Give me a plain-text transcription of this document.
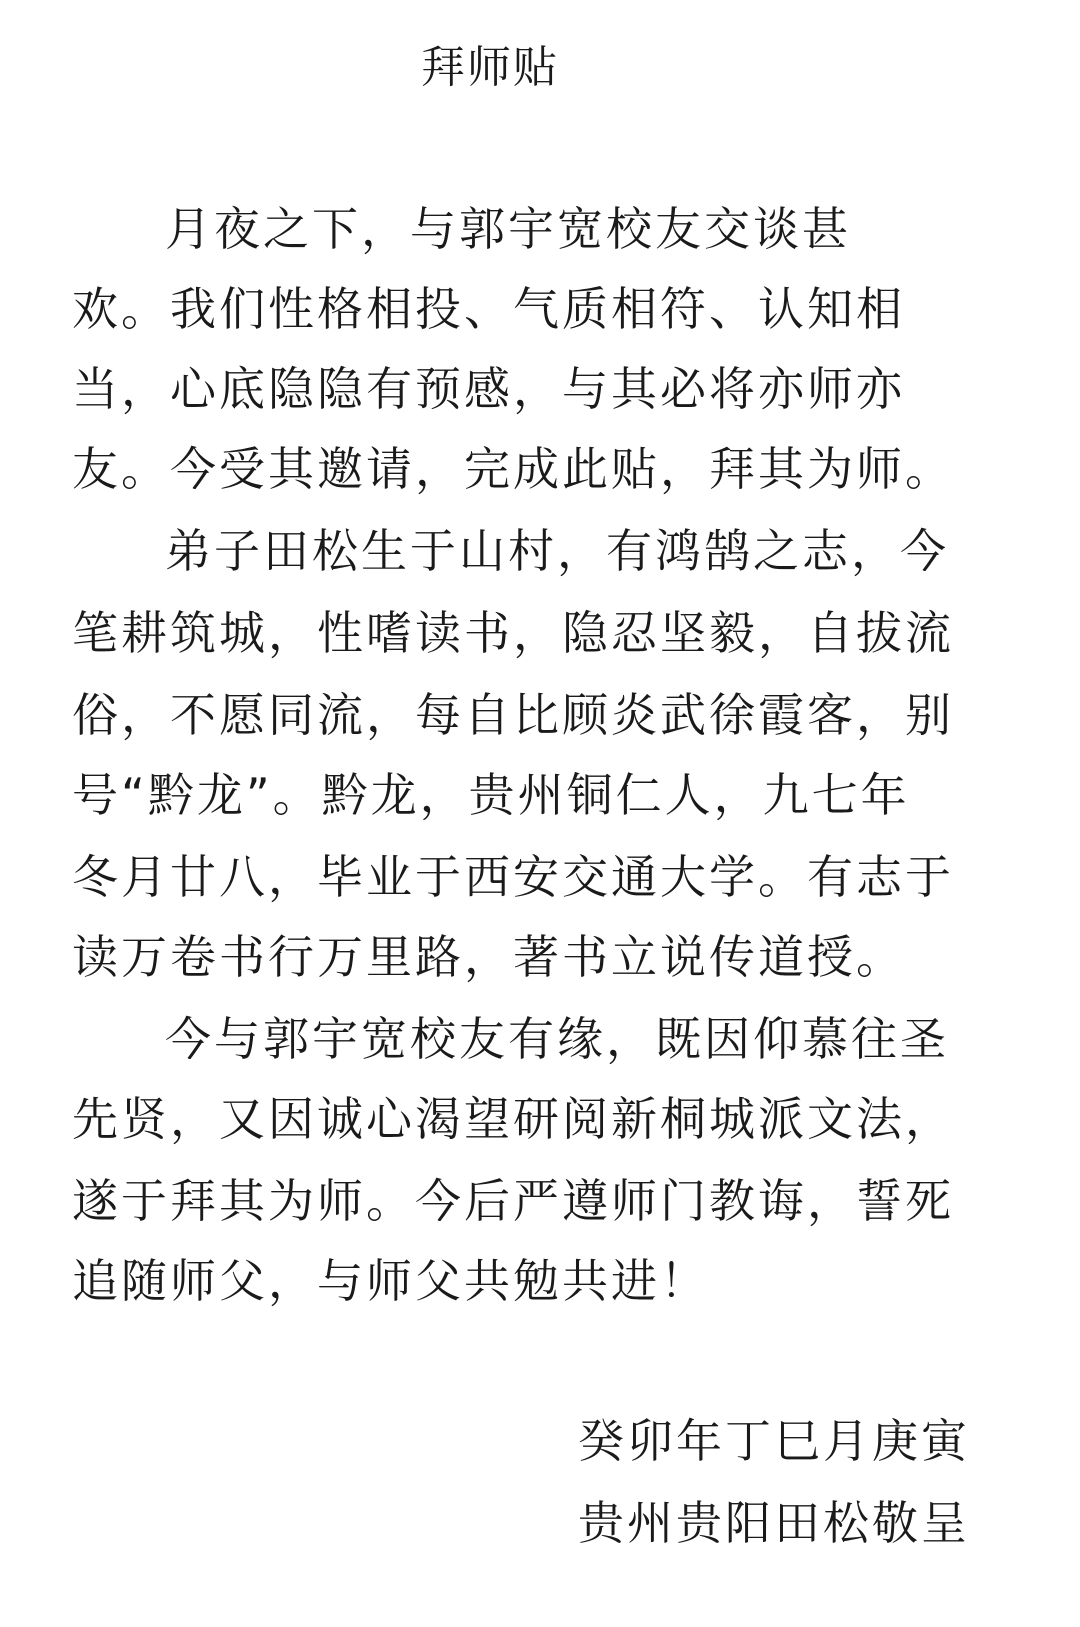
拜师贴

月夜之下，与郭宇宽校友交谈甚

欢。我们性格相投、气质相符、认知相

当，心底隐隐有预感，与其必将亦师亦

友。今受其邀请，完成此贴，拜其为师。

弟子田松生于山村，有鸿鹄之志，今

笔耕筑城，性嗜读书，隐忍坚毅，自拔流

俗，不愿同流，每自比顾炎武徐霞客，别

号“黔龙”。黔龙，贵州铜仁人，九七年

冬月廿八，毕业于西安交通大学。有志于

读万卷书行万里路，著书立说传道授。

今与郭宇宽校友有缘，既因仰慕往圣

先贤，又因诚心渴望研阅新桐城派文法，

遂于拜其为师。今后严遵师门教诲，誓死

追随师父，与师父共勉共进！

癸卯年丁巳月庚寅

贵州贵阳田松敬呈
